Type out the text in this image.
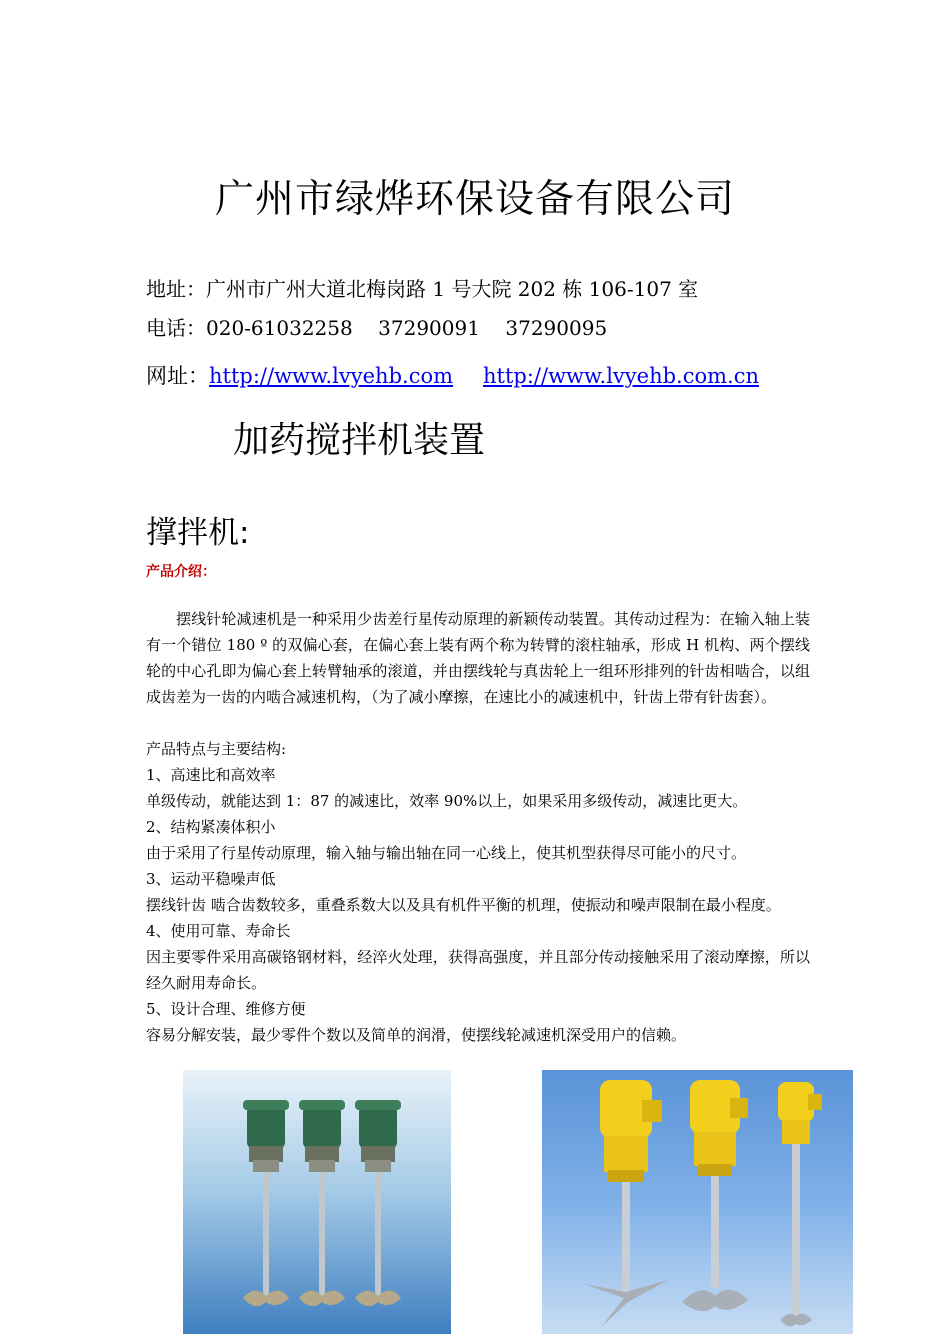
广州市绿烨环保设备有限公司
地址：广州市广州大道北梅岗路 1 号大院 202 栋 106-107 室
电话：020-61032258    37290091    37290095
网址：http://www.lvyehb.com http://www.lvyehb.com.cn
加药搅拌机装置
撑拌机:
产品介绍：
摆线针轮减速机是一种采用少齿差行星传动原理的新颖传动装置。其传动过程为：在输入轴上装有一个错位 180 º 的双偏心套，在偏心套上装有两个称为转臂的滚柱轴承，形成 H 机构、两个摆线轮的中心孔即为偏心套上转臂轴承的滚道，并由摆线轮与真齿轮上一组环形排列的针齿相啮合，以组成齿差为一齿的内啮合减速机构，（为了减小摩擦，在速比小的减速机中，针齿上带有针齿套）。

产品特点与主要结构:

1、高速比和高效率

单级传动，就能达到 1：87 的减速比，效率 90%以上，如果采用多级传动，减速比更大。

2、结构紧凑体积小

由于采用了行星传动原理，输入轴与输出轴在同一心线上，使其机型获得尽可能小的尺寸。

3、运动平稳噪声低

摆线针齿 啮合齿数较多，重叠系数大以及具有机件平衡的机理，使振动和噪声限制在最小程度。

4、使用可靠、寿命长

因主要零件采用高碳铬钢材料，经淬火处理，获得高强度，并且部分传动接触采用了滚动摩擦，所以经久耐用寿命长。

5、设计合理、维修方便

容易分解安装，最少零件个数以及简单的润滑，使摆线轮减速机深受用户的信赖。
